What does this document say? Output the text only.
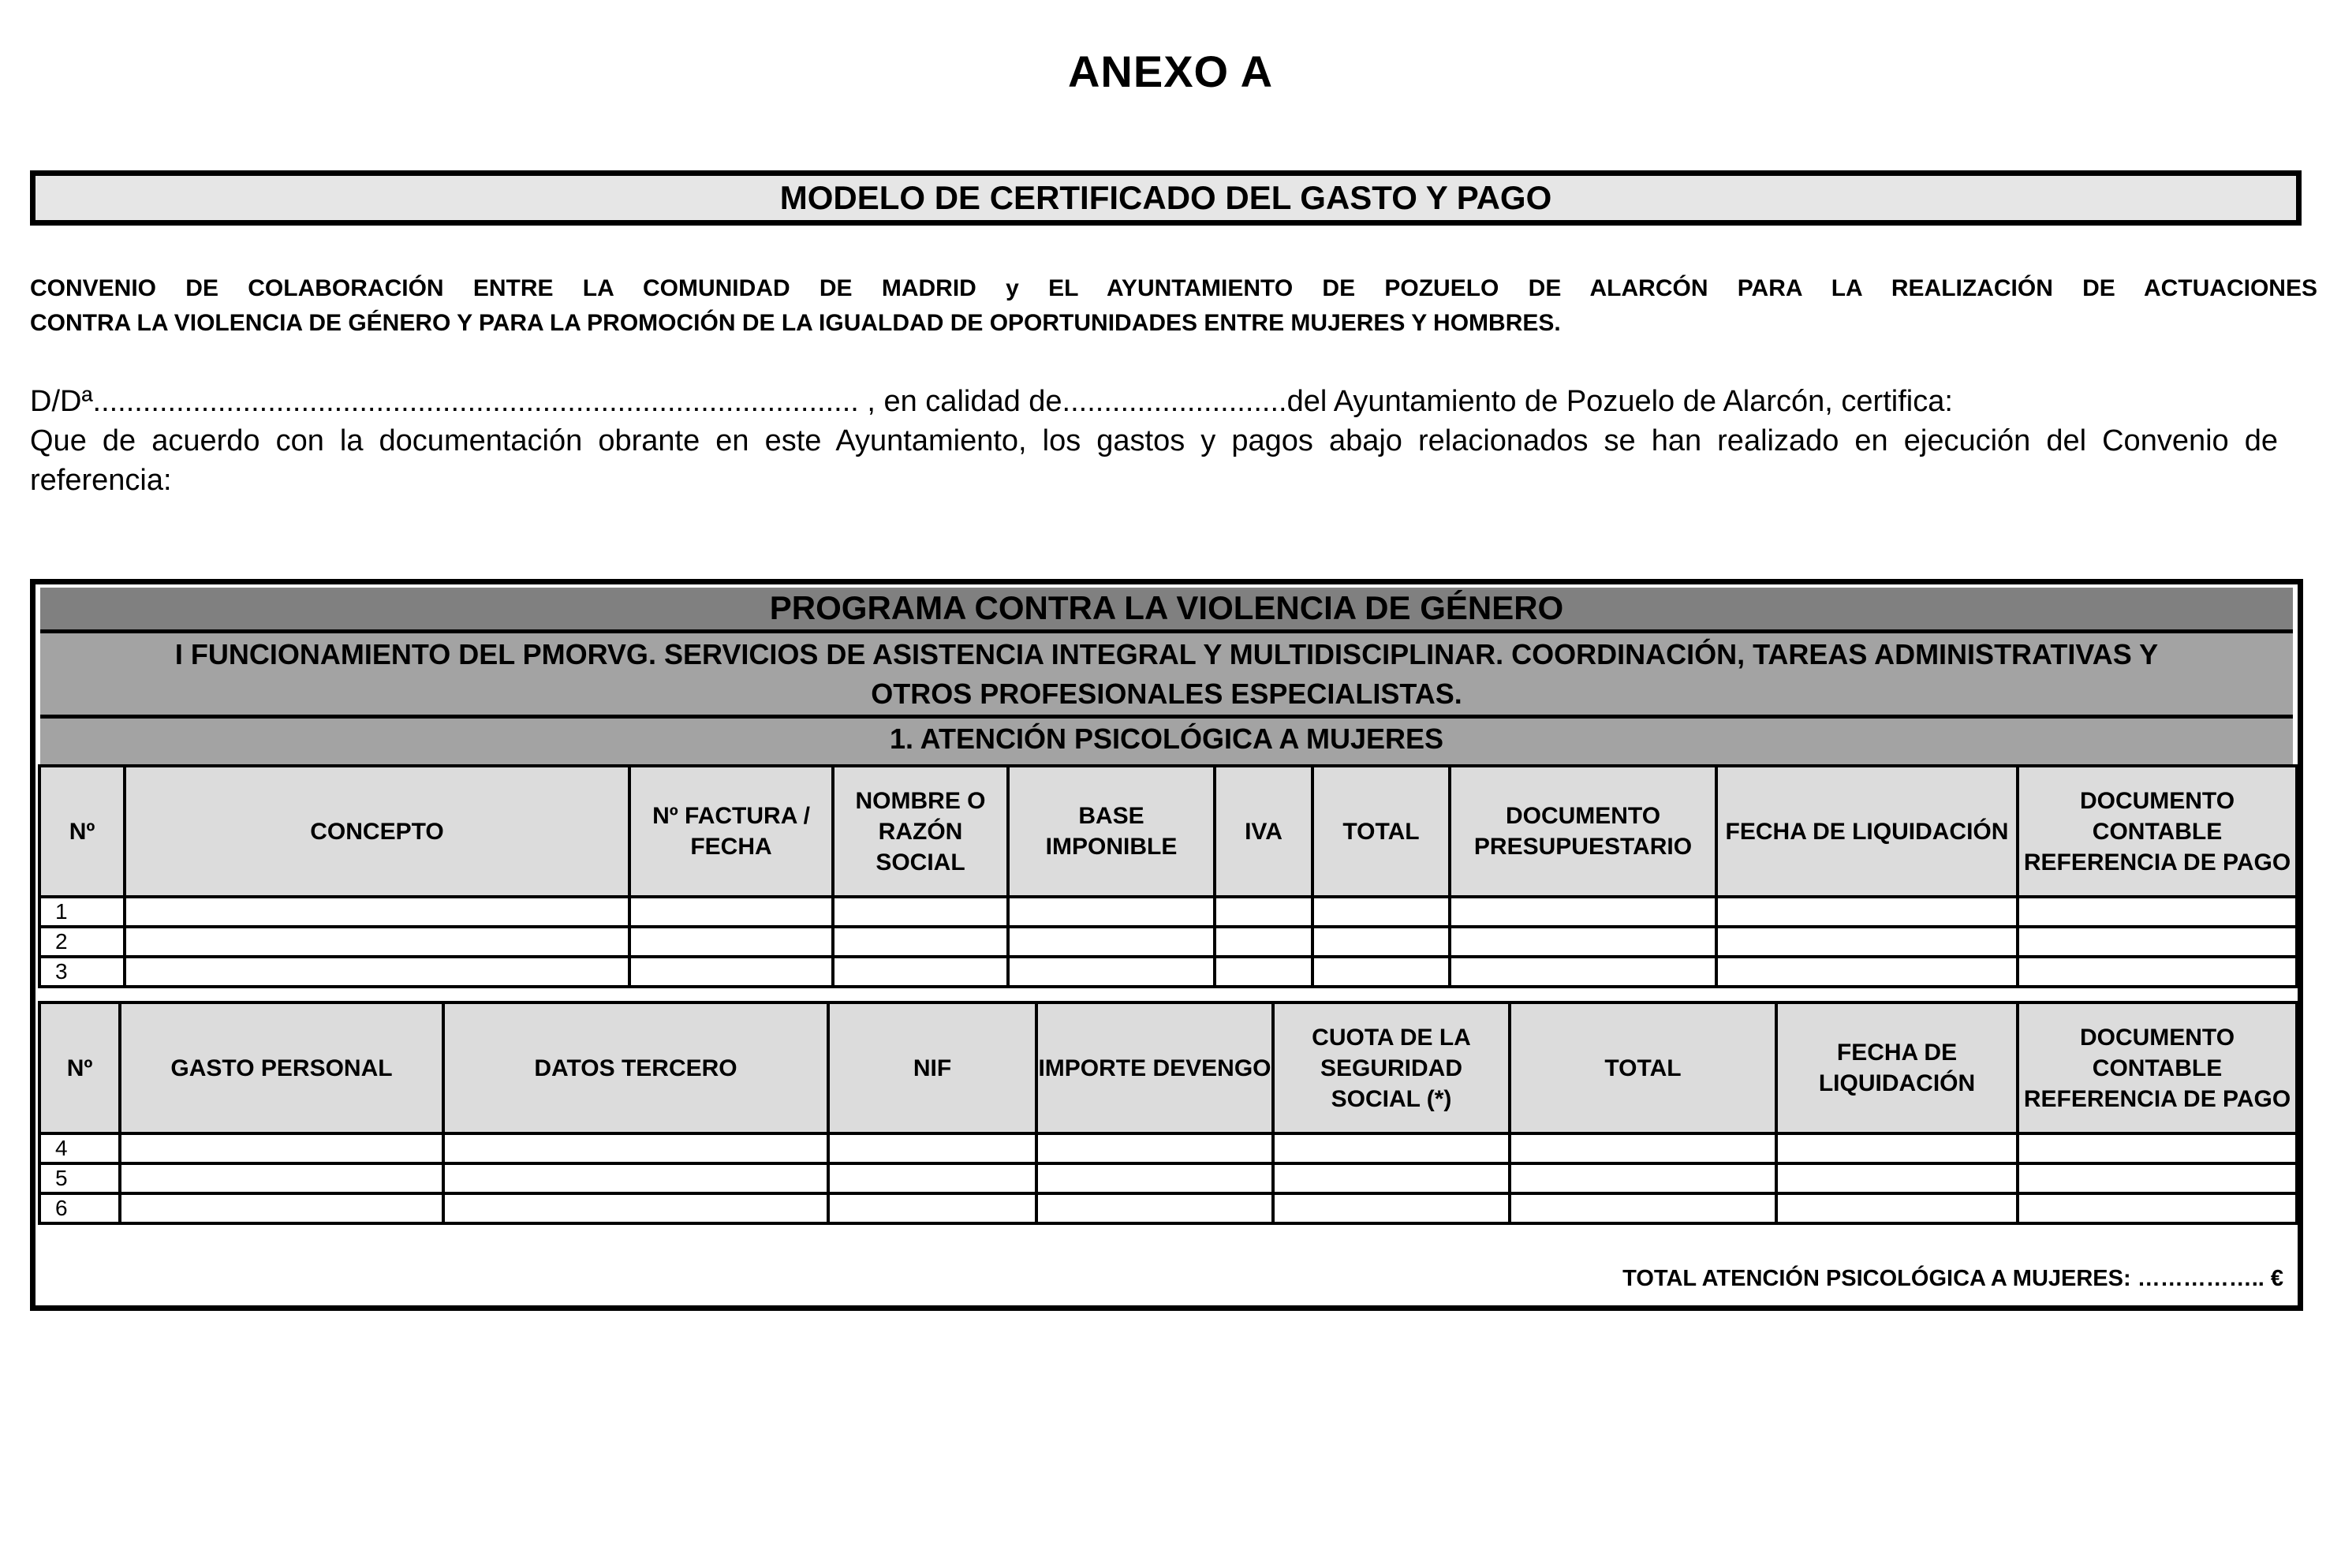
ANEXO A
MODELO DE CERTIFICADO DEL GASTO Y PAGO
CONVENIO DE COLABORACIÓN ENTRE LA COMUNIDAD DE MADRID y EL AYUNTAMIENTO DE POZUELO DE ALARCÓN PARA LA REALIZACIÓN DE ACTUACIONES
CONTRA LA VIOLENCIA DE GÉNERO Y PARA LA PROMOCIÓN DE LA IGUALDAD DE OPORTUNIDADES ENTRE MUJERES Y HOMBRES.
D/Dª............................................................................................ , en calidad de...........................del Ayuntamiento de Pozuelo de Alarcón, certifica:
Que de acuerdo con la documentación obrante en este Ayuntamiento, los gastos y pagos abajo relacionados se han realizado en ejecución del Convenio de
referencia:
PROGRAMA CONTRA LA VIOLENCIA DE GÉNERO
I FUNCIONAMIENTO DEL PMORVG. SERVICIOS DE ASISTENCIA INTEGRAL Y MULTIDISCIPLINAR. COORDINACIÓN, TAREAS ADMINISTRATIVAS Y
OTROS PROFESIONALES ESPECIALISTAS.
1. ATENCIÓN PSICOLÓGICA A MUJERES
Nº	CONCEPTO	Nº FACTURA / FECHA	NOMBRE O RAZÓN SOCIAL	BASE IMPONIBLE	IVA	TOTAL	DOCUMENTO PRESUPUESTARIO	FECHA DE LIQUIDACIÓN	DOCUMENTO CONTABLE REFERENCIA DE PAGO
1									
2									
3									
Nº	GASTO PERSONAL	DATOS TERCERO	NIF	IMPORTE DEVENGO	CUOTA DE LA SEGURIDAD SOCIAL (*)	TOTAL	FECHA DE LIQUIDACIÓN	DOCUMENTO CONTABLE REFERENCIA DE PAGO
4								
5								
6								
TOTAL ATENCIÓN PSICOLÓGICA A MUJERES: …………….. €
